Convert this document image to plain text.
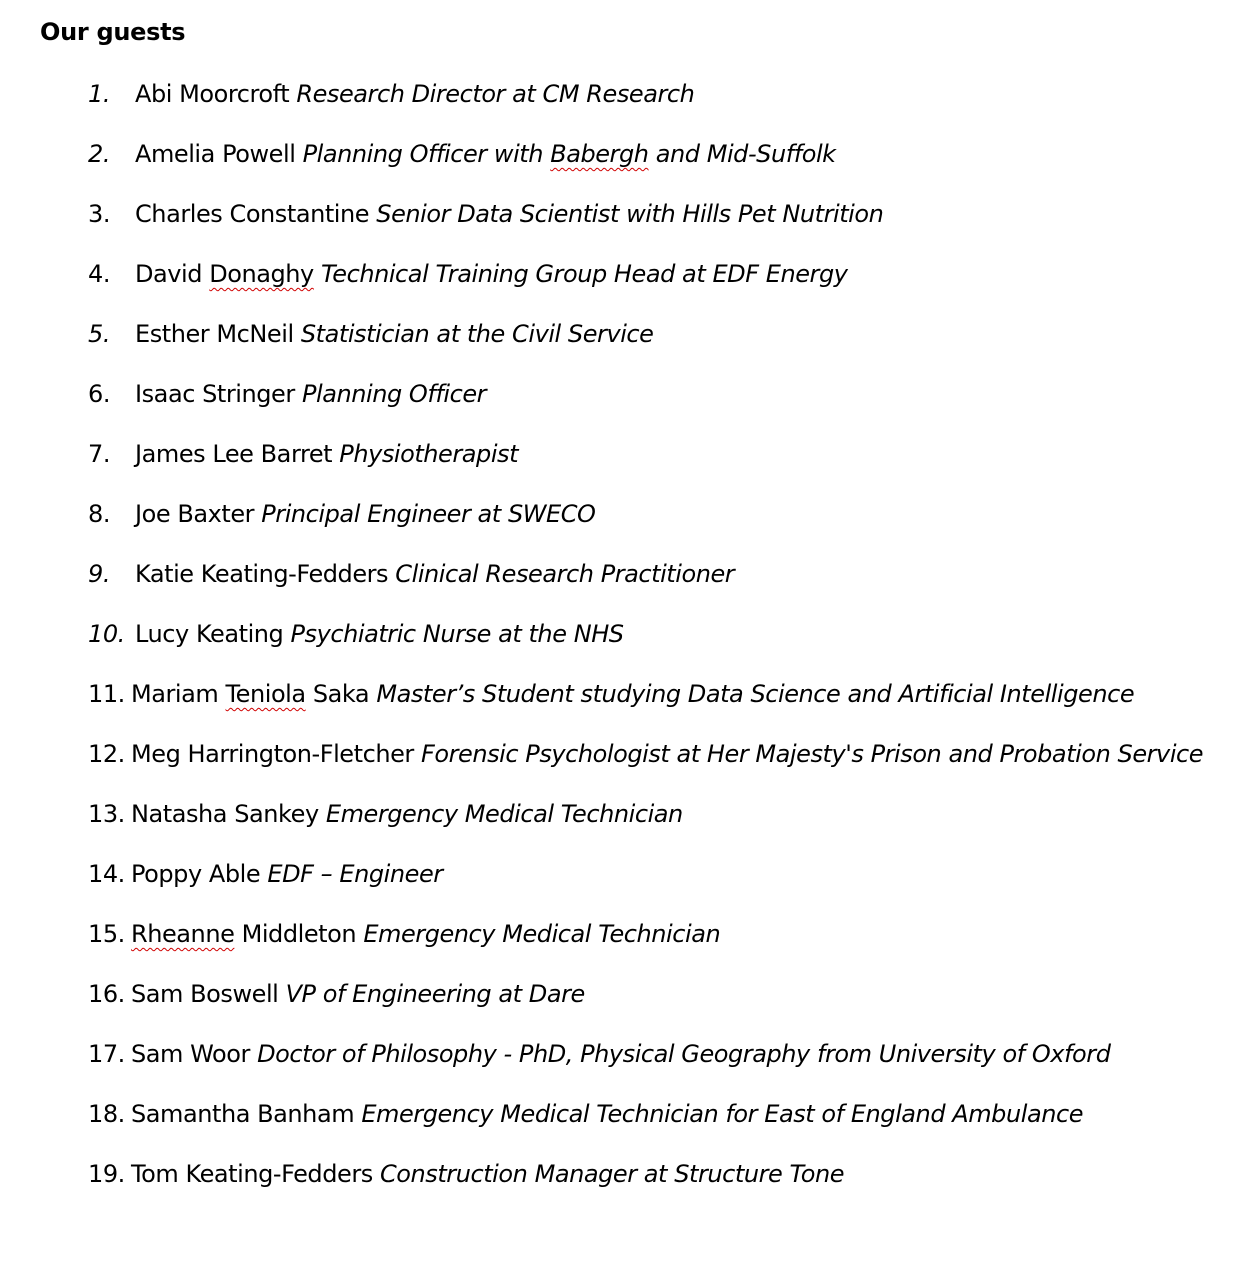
Our guests
1. Abi Moorcroft Research Director at CM Research
2. Amelia Powell Planning Officer with Babergh and Mid-Suffolk
3. Charles Constantine Senior Data Scientist with Hills Pet Nutrition
4. David Donaghy Technical Training Group Head at EDF Energy
5. Esther McNeil Statistician at the Civil Service
6. Isaac Stringer Planning Officer
7. James Lee Barret Physiotherapist
8. Joe Baxter Principal Engineer at SWECO
9. Katie Keating-Fedders Clinical Research Practitioner
10. Lucy Keating Psychiatric Nurse at the NHS
11. Mariam Teniola Saka Master’s Student studying Data Science and Artificial Intelligence
12. Meg Harrington-Fletcher Forensic Psychologist at Her Majesty's Prison and Probation Service
13. Natasha Sankey Emergency Medical Technician
14. Poppy Able EDF – Engineer
15. Rheanne Middleton Emergency Medical Technician
16. Sam Boswell VP of Engineering at Dare
17. Sam Woor Doctor of Philosophy - PhD, Physical Geography from University of Oxford
18. Samantha Banham Emergency Medical Technician for East of England Ambulance
19. Tom Keating-Fedders Construction Manager at Structure Tone
